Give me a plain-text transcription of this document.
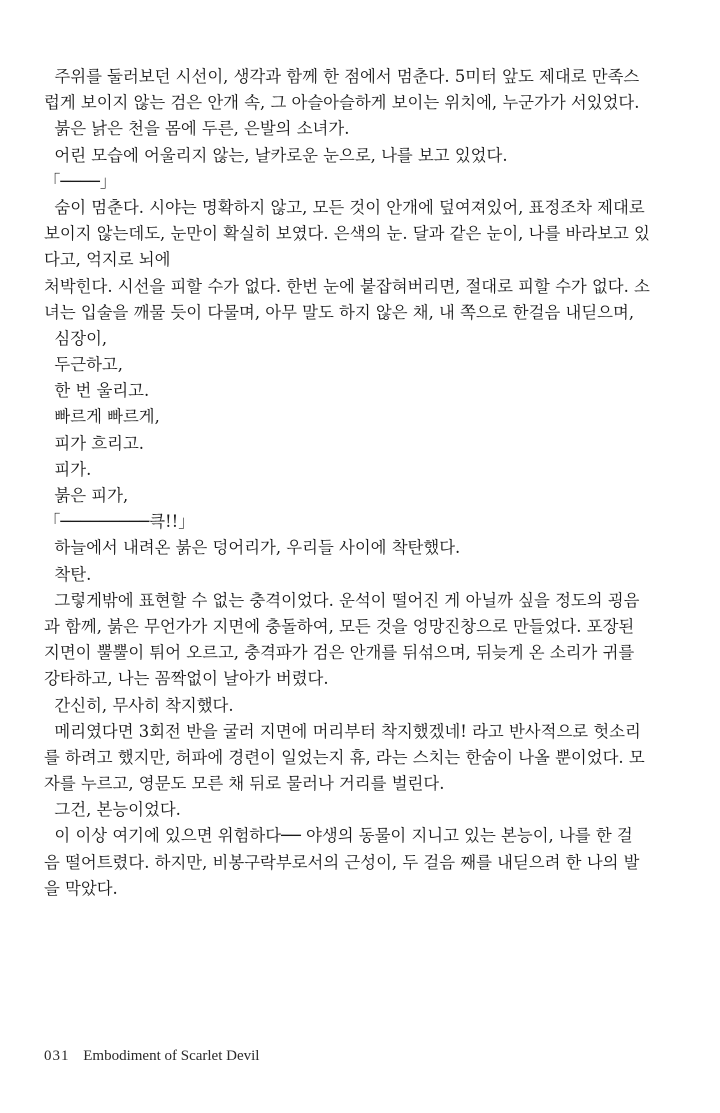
주위를 둘러보던 시선이, 생각과 함께 한 점에서 멈춘다. 5미터 앞도 제대로 만족스
럽게 보이지 않는 검은 안개 속, 그 아슬아슬하게 보이는 위치에, 누군가가 서있었다.
붉은 낡은 천을 몸에 두른, 은발의 소녀가.
어린 모습에 어울리지 않는, 날카로운 눈으로, 나를 보고 있었다.
「────」
숨이 멈춘다. 시야는 명확하지 않고, 모든 것이 안개에 덮여져있어, 표정조차 제대로
보이지 않는데도, 눈만이 확실히 보였다. 은색의 눈. 달과 같은 눈이, 나를 바라보고 있
다고, 억지로 뇌에
처박힌다. 시선을 피할 수가 없다. 한번 눈에 붙잡혀버리면, 절대로 피할 수가 없다. 소
녀는 입술을 깨물 듯이 다물며, 아무 말도 하지 않은 채, 내 쪽으로 한걸음 내딛으며,
심장이,
두근하고,
한 번 울리고.
빠르게 빠르게,
피가 흐리고.
피가.
붉은 피가,
「─────────큭!!」
하늘에서 내려온 붉은 덩어리가, 우리들 사이에 착탄했다.
착탄.
그렇게밖에 표현할 수 없는 충격이었다. 운석이 떨어진 게 아닐까 싶을 정도의 굉음
과 함께, 붉은 무언가가 지면에 충돌하여, 모든 것을 엉망진창으로 만들었다. 포장된
지면이 뿔뿔이 튀어 오르고, 충격파가 검은 안개를 뒤섞으며, 뒤늦게 온 소리가 귀를
강타하고, 나는 꼼짝없이 날아가 버렸다.
간신히, 무사히 착지했다.
메리였다면 3회전 반을 굴러 지면에 머리부터 착지했겠네! 라고 반사적으로 헛소리
를 하려고 했지만, 허파에 경련이 일었는지 휴, 라는 스치는 한숨이 나올 뿐이었다. 모
자를 누르고, 영문도 모른 채 뒤로 물러나 거리를 벌린다.
그건, 본능이었다.
이 이상 여기에 있으면 위험하다── 야생의 동물이 지니고 있는 본능이, 나를 한 걸
음 떨어트렸다. 하지만, 비봉구락부로서의 근성이, 두 걸음 째를 내딛으려 한 나의 발
을 막았다.
031 Embodiment of Scarlet Devil
